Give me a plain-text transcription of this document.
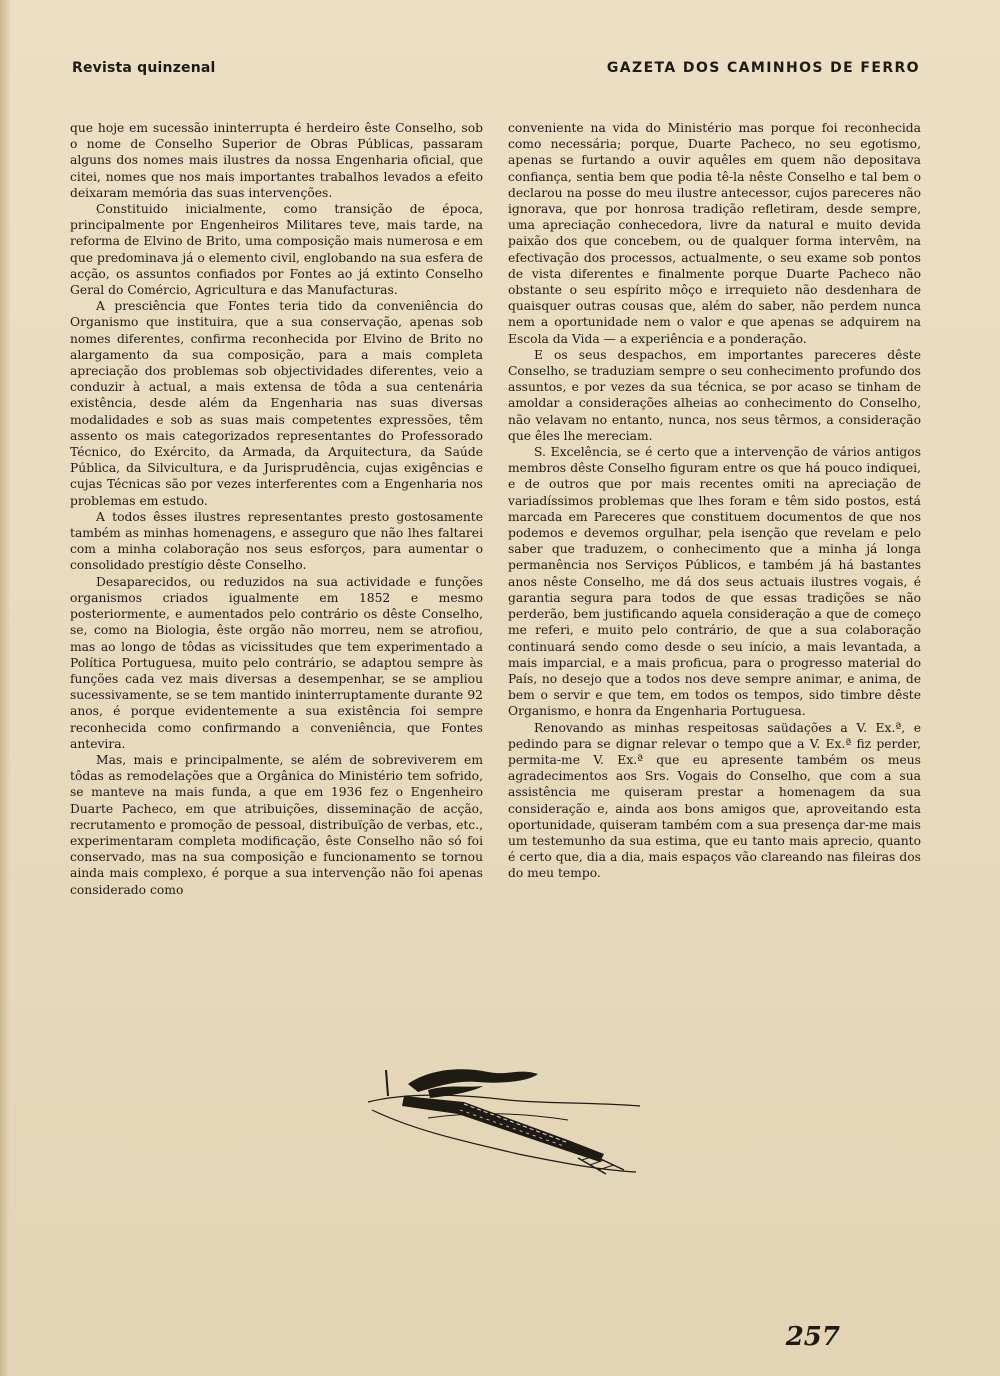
Revista quinzenal	GAZETA DOS CAMINHOS DE FERRO

que hoje em sucessão ininterrupta é herdeiro êste Conselho, sob o nome de Conselho Superior de Obras Públicas, passaram alguns dos nomes mais ilustres da nossa Engenharia oficial, que citei, nomes que nos mais importantes trabalhos levados a efeito deixaram memória das suas intervenções.

Constituido inicialmente, como transição de época, principalmente por Engenheiros Militares teve, mais tarde, na reforma de Elvino de Brito, uma composição mais numerosa e em que predominava já o elemento civil, englobando na sua esfera de acção, os assuntos confiados por Fontes ao já extinto Conselho Geral do Comércio, Agricultura e das Manufacturas.

A presciência que Fontes teria tido da conveniência do Organismo que instituira, que a sua conservação, apenas sob nomes diferentes, confirma reconhecida por Elvino de Brito no alargamento da sua composição, para a mais completa apreciação dos problemas sob objectividades diferentes, veio a conduzir à actual, a mais extensa de tôda a sua centenária existência, desde além da Engenharia nas suas diversas modalidades e sob as suas mais competentes expressões, têm assento os mais categorizados representantes do Professorado Técnico, do Exército, da Armada, da Arquitectura, da Saúde Pública, da Silvicultura, e da Jurisprudência, cujas exigências e cujas Técnicas são por vezes interferentes com a Engenharia nos problemas em estudo.

A todos êsses ilustres representantes presto gostosamente também as minhas homenagens, e asseguro que não lhes faltarei com a minha colaboração nos seus esforços, para aumentar o consolidado prestígio dêste Conselho.

Desaparecidos, ou reduzidos na sua actividade e funções organismos criados igualmente em 1852 e mesmo posteriormente, e aumentados pelo contrário os dêste Conselho, se, como na Biologia, êste orgão não morreu, nem se atrofiou, mas ao longo de tôdas as vicissitudes que tem experimentado a Política Portuguesa, muito pelo contrário, se adaptou sempre às funções cada vez mais diversas a desempenhar, se se ampliou sucessivamente, se se tem mantido ininterruptamente durante 92 anos, é porque evidentemente a sua existência foi sempre reconhecida como confirmando a conveniência, que Fontes antevira.

Mas, mais e principalmente, se além de sobreviverem em tôdas as remodelações que a Orgânica do Ministério tem sofrido, se manteve na mais funda, a que em 1936 fez o Engenheiro Duarte Pacheco, em que atribuições, disseminação de acção, recrutamento e promoção de pessoal, distribuïção de verbas, etc., experimentaram completa modificação, êste Conselho não só foi conservado, mas na sua composição e funcionamento se tornou ainda mais complexo, é porque a sua intervenção não foi apenas considerado como

conveniente na vida do Ministério mas porque foi reconhecida como necessária; porque, Duarte Pacheco, no seu egotismo, apenas se furtando a ouvir aquêles em quem não depositava confiança, sentia bem que podia tê-la nêste Conselho e tal bem o declarou na posse do meu ilustre antecessor, cujos pareceres não ignorava, que por honrosa tradição refletiram, desde sempre, uma apreciação conhecedora, livre da natural e muito devida paixão dos que concebem, ou de qualquer forma intervêm, na efectivação dos processos, actualmente, o seu exame sob pontos de vista diferentes e finalmente porque Duarte Pacheco não obstante o seu espírito môço e irrequieto não desdenhara de quaisquer outras cousas que, além do saber, não perdem nunca nem a oportunidade nem o valor e que apenas se adquirem na Escola da Vida — a experiência e a ponderação.

E os seus despachos, em importantes pareceres dêste Conselho, se traduziam sempre o seu conhecimento profundo dos assuntos, e por vezes da sua técnica, se por acaso se tinham de amoldar a considerações alheias ao conhecimento do Conselho, não velavam no entanto, nunca, nos seus têrmos, a consideração que êles lhe mereciam.

S. Excelência, se é certo que a intervenção de vários antigos membros dêste Conselho figuram entre os que há pouco indiquei, e de outros que por mais recentes omiti na apreciação de variadíssimos problemas que lhes foram e têm sido postos, está marcada em Pareceres que constituem documentos de que nos podemos e devemos orgulhar, pela isenção que revelam e pelo saber que traduzem, o conhecimento que a minha já longa permanência nos Serviços Públicos, e também já há bastantes anos nêste Conselho, me dá dos seus actuais ilustres vogais, é garantia segura para todos de que essas tradições se não perderão, bem justificando aquela consideração a que de começo me referi, e muito pelo contrário, de que a sua colaboração continuará sendo como desde o seu início, a mais levantada, a mais imparcial, e a mais proficua, para o progresso material do País, no desejo que a todos nos deve sempre animar, e anima, de bem o servir e que tem, em todos os tempos, sido timbre dêste Organismo, e honra da Engenharia Portuguesa.

Renovando as minhas respeitosas saüdações a V. Ex.ª, e pedindo para se dignar relevar o tempo que a V. Ex.ª fiz perder, permita-me V. Ex.ª que eu apresente também os meus agradecimentos aos Srs. Vogais do Conselho, que com a sua assistência me quiseram prestar a homenagem da sua consideração e, ainda aos bons amigos que, aproveitando esta oportunidade, quiseram também com a sua presença dar-me mais um testemunho da sua estima, que eu tanto mais aprecio, quanto é certo que, dia a dia, mais espaços vão clareando nas fileiras dos do meu tempo.

257
